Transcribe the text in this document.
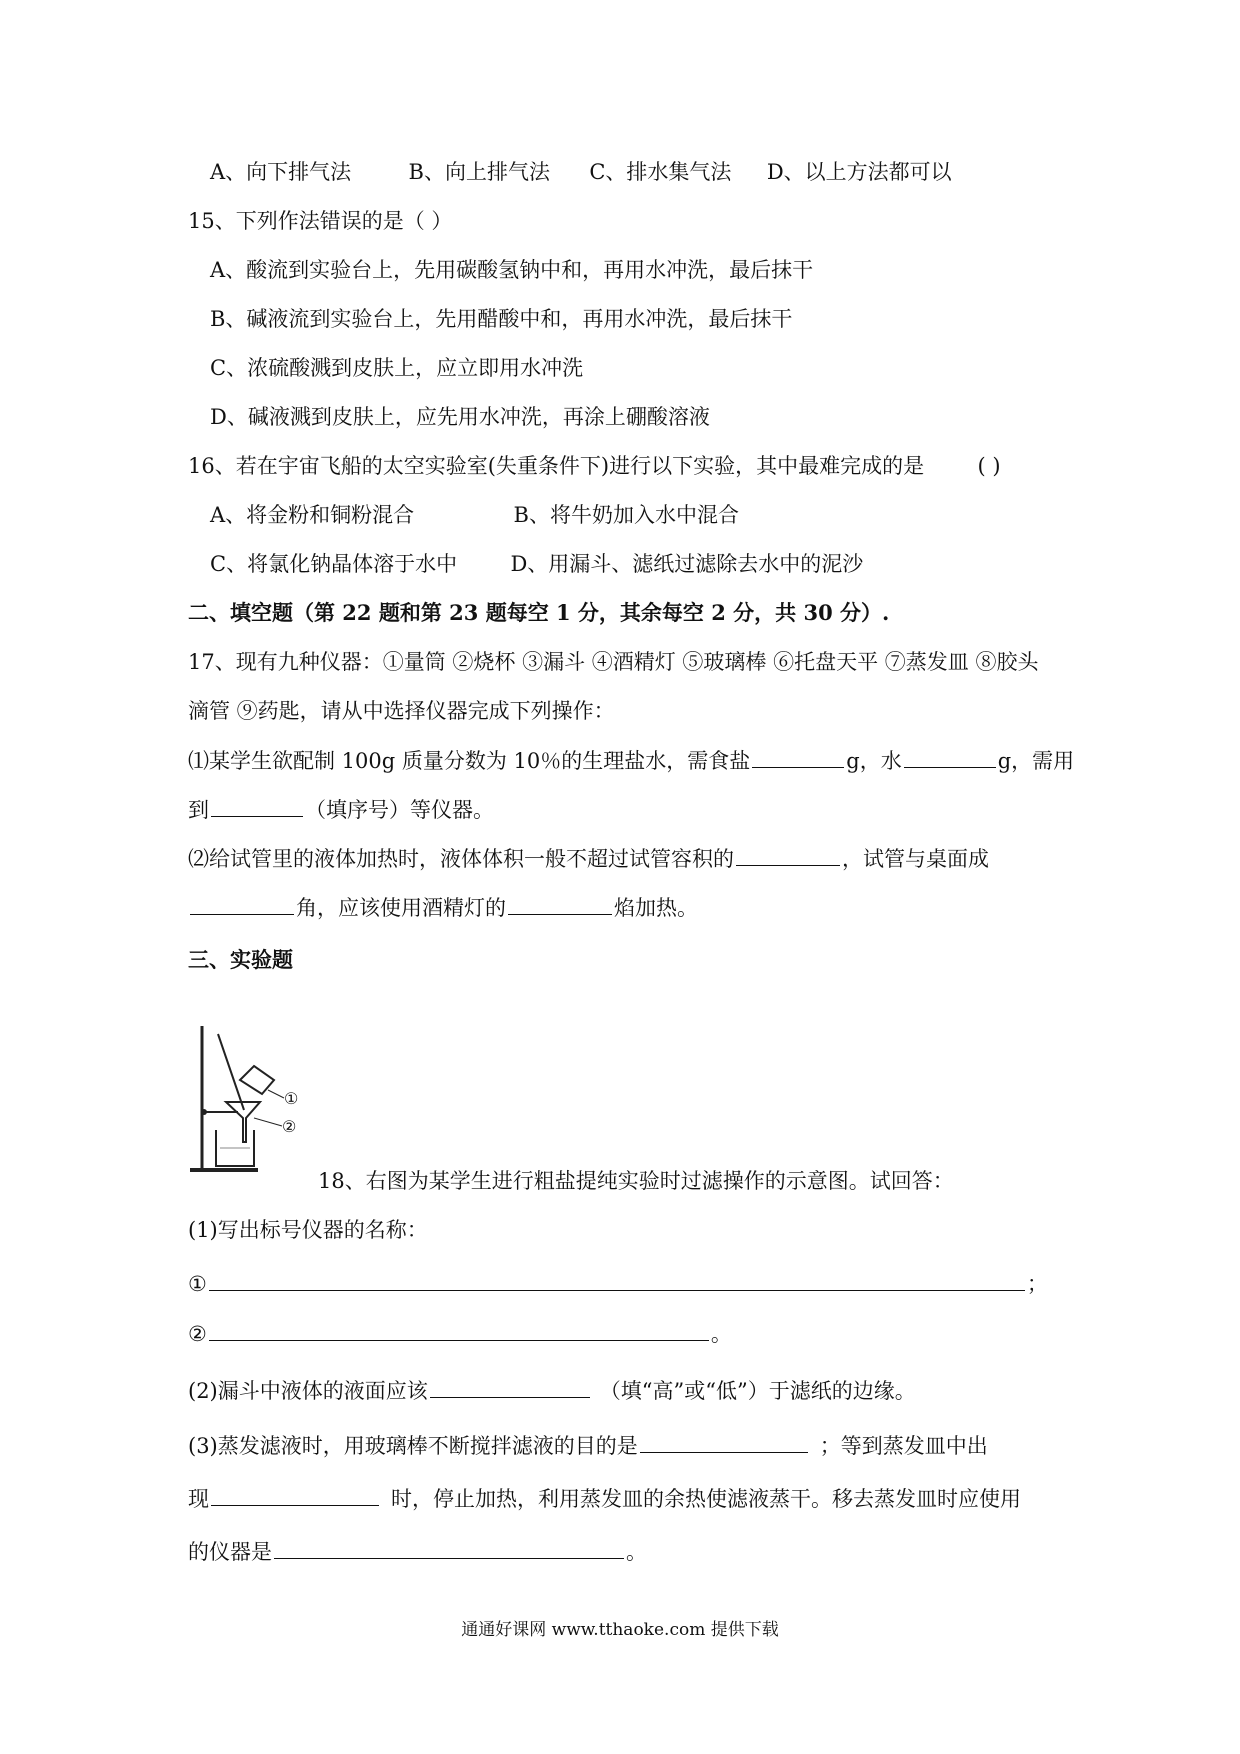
A、向下排气法	B、向上排气法 C、排水集气法 D、以上方法都可以
15、下列作法错误的是（ ）
A、酸流到实验台上，先用碳酸氢钠中和，再用水冲洗，最后抹干
B、碱液流到实验台上，先用醋酸中和，再用水冲洗，最后抹干
C、浓硫酸溅到皮肤上，应立即用水冲洗
D、碱液溅到皮肤上，应先用水冲洗，再涂上硼酸溶液
16、若在宇宙飞船的太空实验室(失重条件下)进行以下实验，其中最难完成的是	( )
A、将金粉和铜粉混合	B、将牛奶加入水中混合
C、将氯化钠晶体溶于水中	D、用漏斗、滤纸过滤除去水中的泥沙
二、填空题（第 22 题和第 23 题每空 1 分，其余每空 2 分，共 30 分）.
17、现有九种仪器：①量筒 ②烧杯 ③漏斗 ④酒精灯 ⑤玻璃棒 ⑥托盘天平 ⑦蒸发皿 ⑧胶头
滴管 ⑨药匙，请从中选择仪器完成下列操作：
⑴某学生欲配制 100g 质量分数为 10％的生理盐水，需食盐	g，水	g，需用
到	（填序号）等仪器。
⑵给试管里的液体加热时，液体体积一般不超过试管容积的	，试管与桌面成
角，应该使用酒精灯的	焰加热。
三、实验题
①
②
18、右图为某学生进行粗盐提纯实验时过滤操作的示意图。试回答：
(1)写出标号仪器的名称：
①	；
②	。
(2)漏斗中液体的液面应该	（填“高”或“低”）于滤纸的边缘。
(3)蒸发滤液时，用玻璃棒不断搅拌滤液的目的是	；等到蒸发皿中出
现	时，停止加热，利用蒸发皿的余热使滤液蒸干。移去蒸发皿时应使用
的仪器是	。
通通好课网 www.tthaoke.com 提供下载
